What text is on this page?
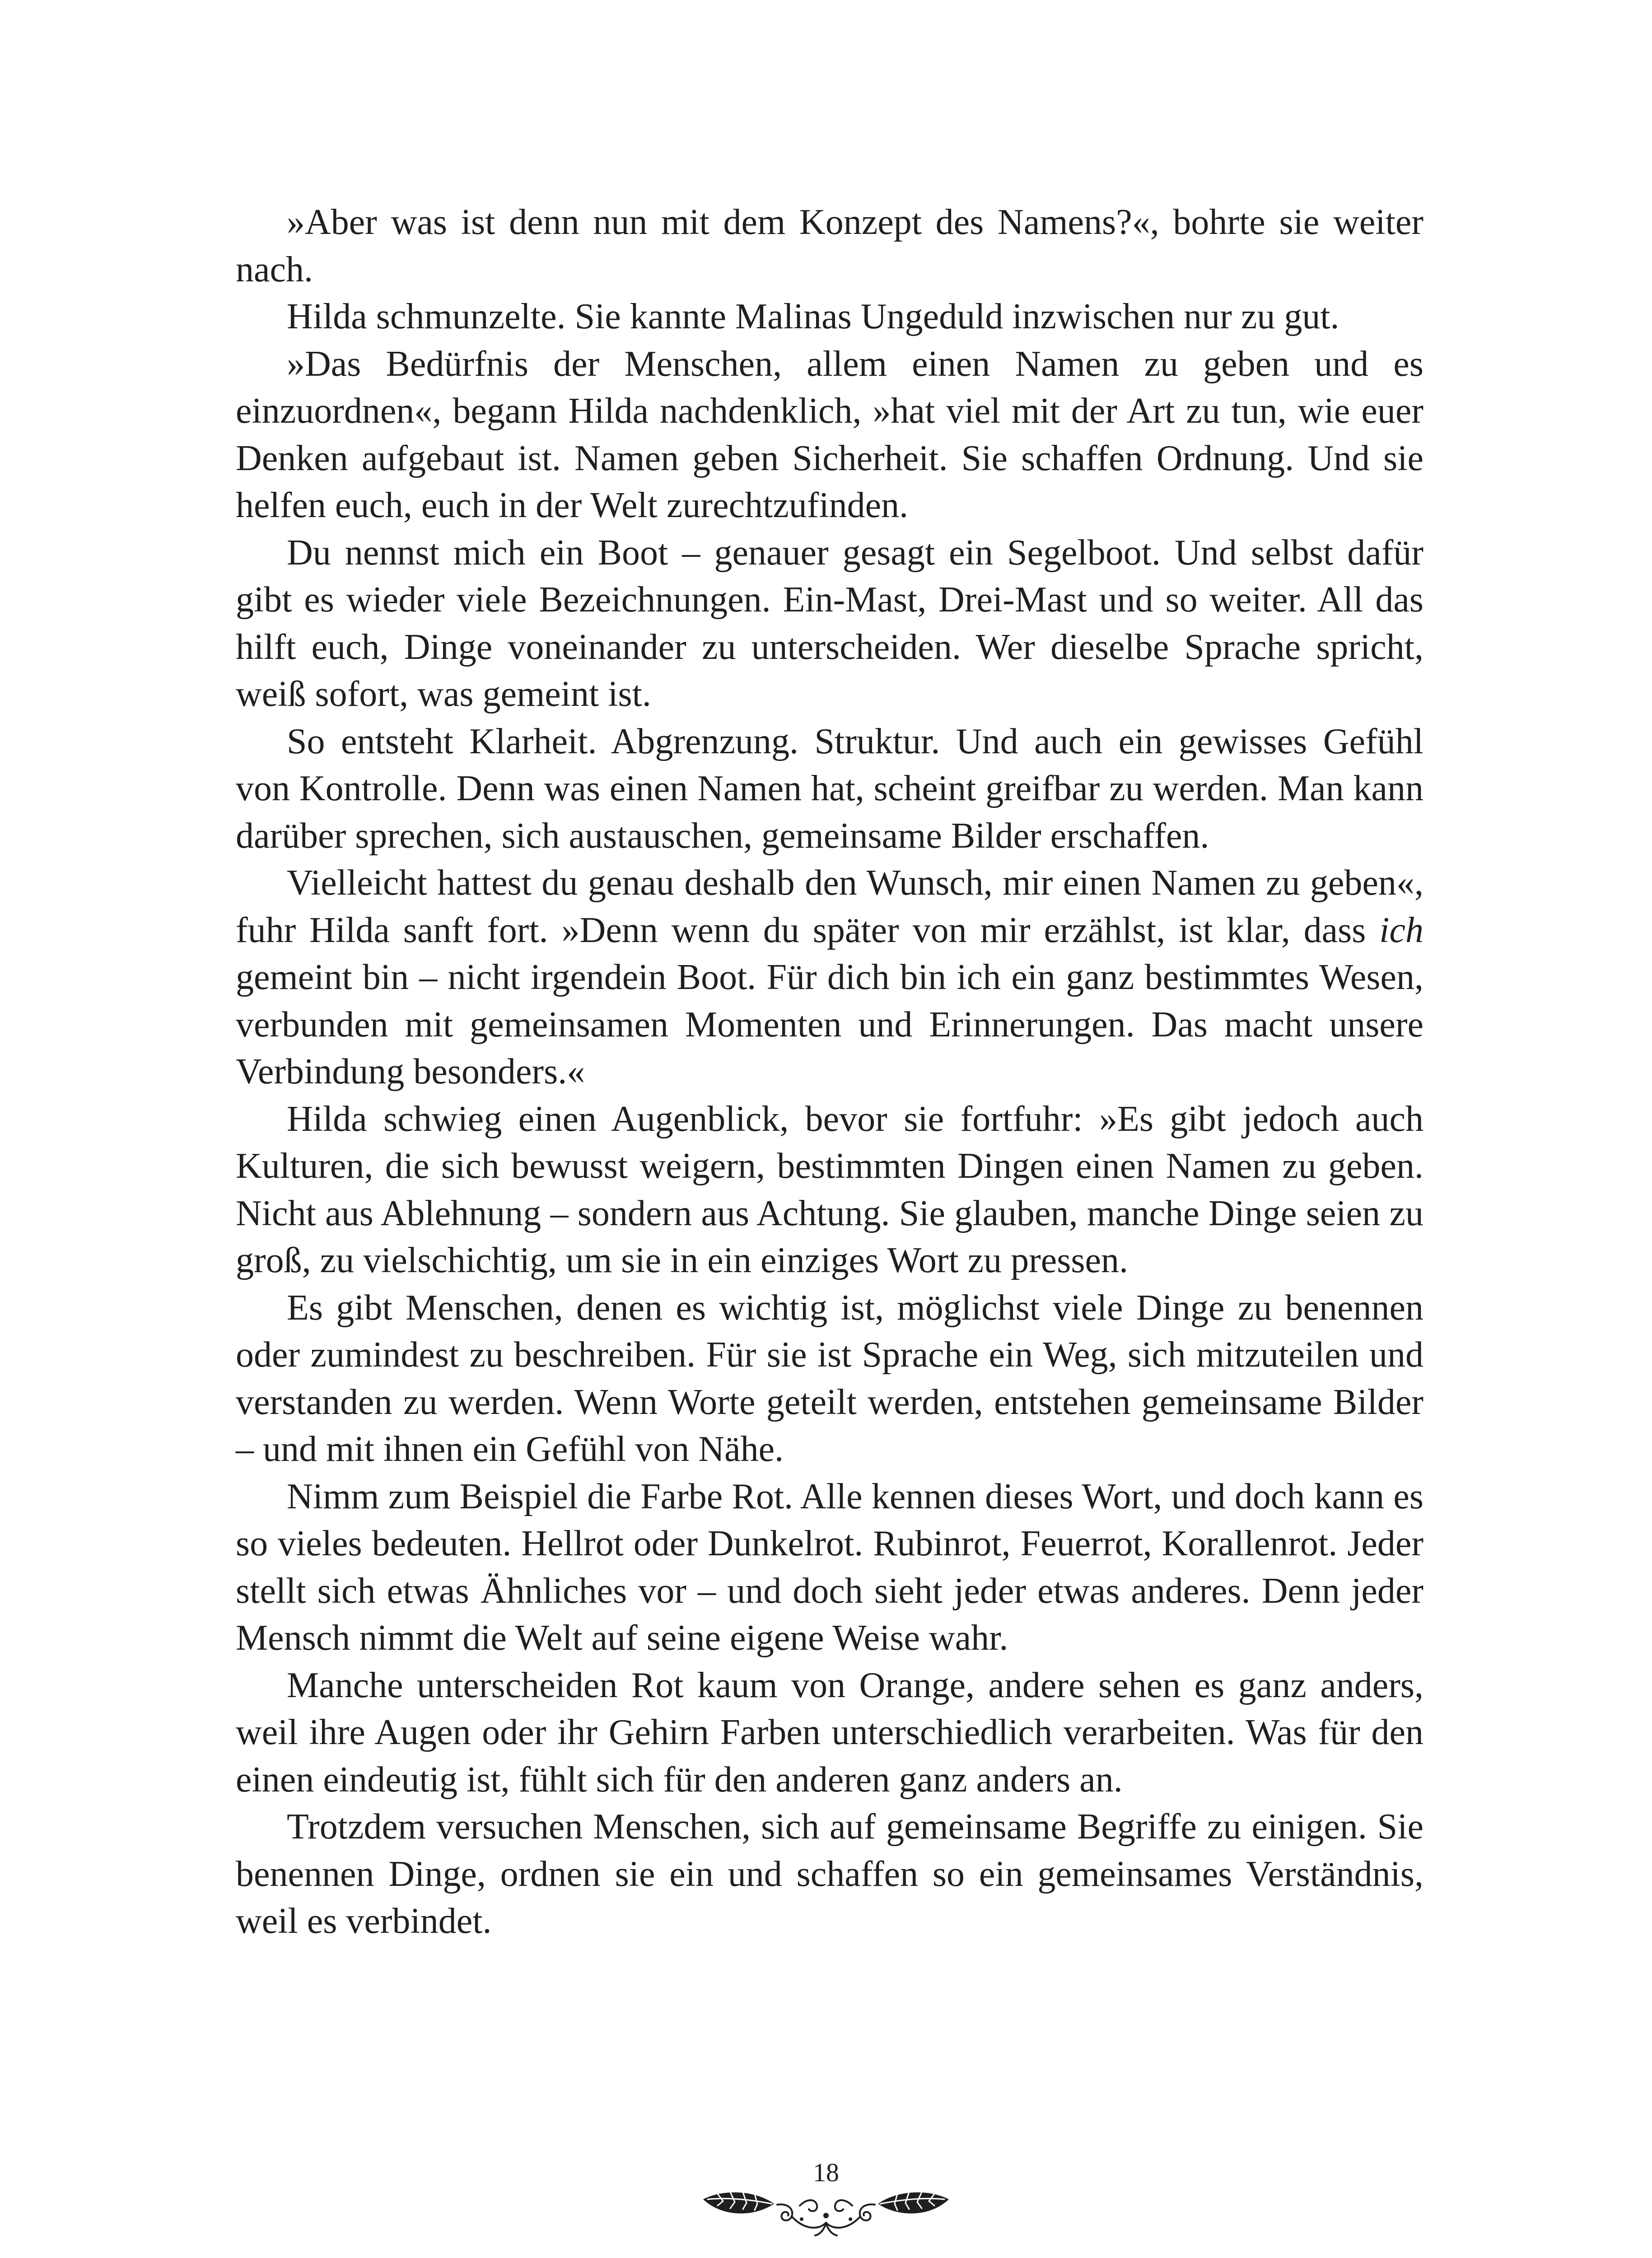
»Aber was ist denn nun mit dem Konzept des Namens?«, bohrte sie weiter nach.

Hilda schmunzelte. Sie kannte Malinas Ungeduld inzwischen nur zu gut.

»Das Bedürfnis der Menschen, allem einen Namen zu geben und es einzuordnen«, begann Hilda nachdenklich, »hat viel mit der Art zu tun, wie euer Denken aufgebaut ist. Namen geben Sicherheit. Sie schaffen Ordnung. Und sie helfen euch, euch in der Welt zurechtzufinden.

Du nennst mich ein Boot – genauer gesagt ein Segelboot. Und selbst dafür gibt es wieder viele Bezeichnungen. Ein-Mast, Drei-Mast und so weiter. All das hilft euch, Dinge voneinander zu unterscheiden. Wer dieselbe Sprache spricht, weiß sofort, was gemeint ist.

So entsteht Klarheit. Abgrenzung. Struktur. Und auch ein gewisses Gefühl von Kontrolle. Denn was einen Namen hat, scheint greifbar zu werden. Man kann darüber sprechen, sich austauschen, gemeinsame Bilder erschaffen.

Vielleicht hattest du genau deshalb den Wunsch, mir einen Namen zu geben«, fuhr Hilda sanft fort. »Denn wenn du später von mir erzählst, ist klar, dass ich gemeint bin – nicht irgendein Boot. Für dich bin ich ein ganz bestimmtes Wesen, verbunden mit gemeinsamen Momenten und Erinnerungen. Das macht unsere Verbindung besonders.«

Hilda schwieg einen Augenblick, bevor sie fortfuhr: »Es gibt jedoch auch Kulturen, die sich bewusst weigern, bestimmten Dingen einen Namen zu geben. Nicht aus Ablehnung – sondern aus Achtung. Sie glauben, manche Dinge seien zu groß, zu vielschichtig, um sie in ein einziges Wort zu pressen.

Es gibt Menschen, denen es wichtig ist, möglichst viele Dinge zu benennen oder zumindest zu beschreiben. Für sie ist Sprache ein Weg, sich mitzuteilen und verstanden zu werden. Wenn Worte geteilt werden, entstehen gemeinsame Bilder – und mit ihnen ein Gefühl von Nähe.

Nimm zum Beispiel die Farbe Rot. Alle kennen dieses Wort, und doch kann es so vieles bedeuten. Hellrot oder Dunkelrot. Rubinrot, Feuerrot, Korallenrot. Jeder stellt sich etwas Ähnliches vor – und doch sieht jeder etwas anderes. Denn jeder Mensch nimmt die Welt auf seine eigene Weise wahr.

Manche unterscheiden Rot kaum von Orange, andere sehen es ganz anders, weil ihre Augen oder ihr Gehirn Farben unterschiedlich verarbeiten. Was für den einen eindeutig ist, fühlt sich für den anderen ganz anders an.

Trotzdem versuchen Menschen, sich auf gemeinsame Begriffe zu einigen. Sie benennen Dinge, ordnen sie ein und schaffen so ein gemeinsames Verständnis, weil es verbindet.

18
